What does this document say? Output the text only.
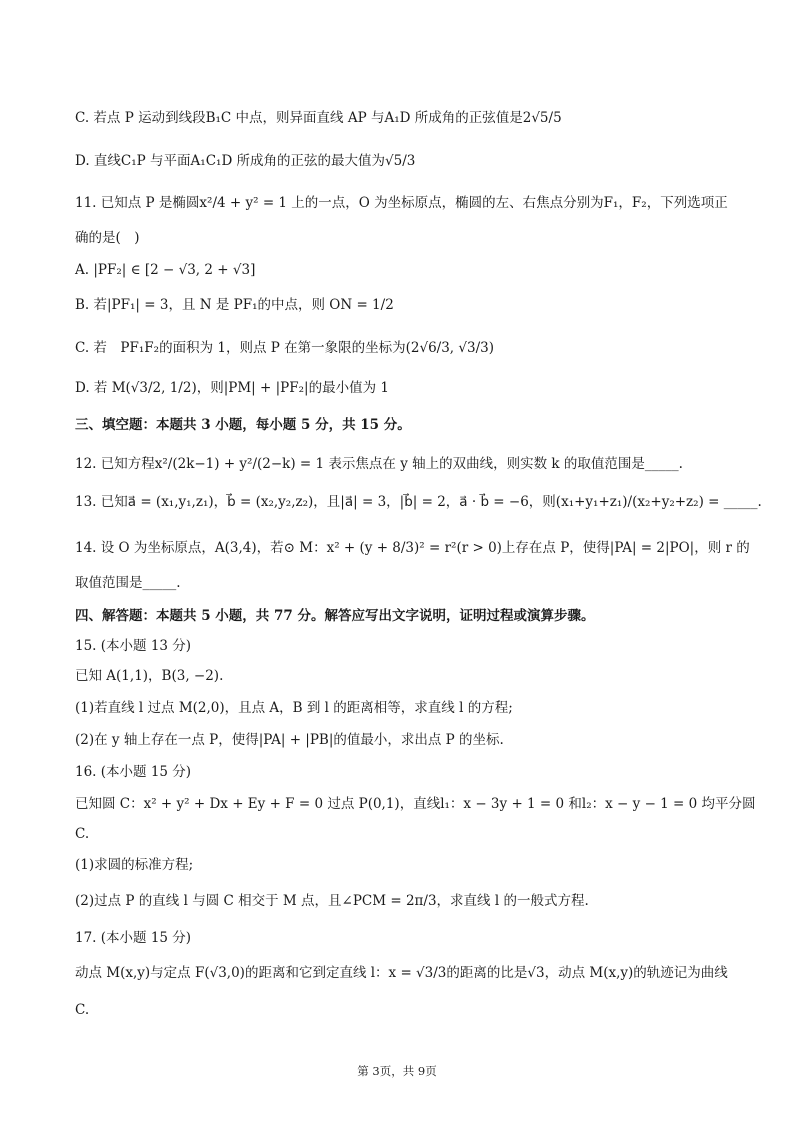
C. 若点 P 运动到线段B₁C 中点，则异面直线 AP 与A₁D 所成角的正弦值是2√5/5
D. 直线C₁P 与平面A₁C₁D 所成角的正弦的最大值为√5/3
11. 已知点 P 是椭圆x²/4 + y² = 1 上的一点，O 为坐标原点，椭圆的左、右焦点分别为F₁，F₂，下列选项正
确的是(　)
A. |PF₂| ∈ [2 − √3, 2 + √3]
B. 若|PF₁| = 3，且 N 是 PF₁的中点，则 ON = 1/2
C. 若　PF₁F₂的面积为 1，则点 P 在第一象限的坐标为(2√6/3, √3/3)
D. 若 M(√3/2, 1/2)，则|PM| + |PF₂|的最小值为 1
三、填空题：本题共 3 小题，每小题 5 分，共 15 分。
12. 已知方程x²/(2k−1) + y²/(2−k) = 1 表示焦点在 y 轴上的双曲线，则实数 k 的取值范围是_____.
13. 已知a⃗ = (x₁,y₁,z₁)，b⃗ = (x₂,y₂,z₂)，且|a⃗| = 3，|b⃗| = 2，a⃗ · b⃗ = −6，则(x₁+y₁+z₁)/(x₂+y₂+z₂) = _____.
14. 设 O 为坐标原点，A(3,4)，若⊙ M：x² + (y + 8/3)² = r²(r > 0)上存在点 P，使得|PA| = 2|PO|，则 r 的
取值范围是_____.
四、解答题：本题共 5 小题，共 77 分。解答应写出文字说明，证明过程或演算步骤。
15. (本小题 13 分)
已知 A(1,1)，B(3, −2).
(1)若直线 l 过点 M(2,0)，且点 A，B 到 l 的距离相等，求直线 l 的方程;
(2)在 y 轴上存在一点 P，使得|PA| + |PB|的值最小，求出点 P 的坐标.
16. (本小题 15 分)
已知圆 C：x² + y² + Dx + Ey + F = 0 过点 P(0,1)，直线l₁：x − 3y + 1 = 0 和l₂：x − y − 1 = 0 均平分圆
C.
(1)求圆的标准方程;
(2)过点 P 的直线 l 与圆 C 相交于 M 点，且∠PCM = 2π/3，求直线 l 的一般式方程.
17. (本小题 15 分)
动点 M(x,y)与定点 F(√3,0)的距离和它到定直线 l：x = √3/3的距离的比是√3，动点 M(x,y)的轨迹记为曲线
C.
第 3页，共 9页
